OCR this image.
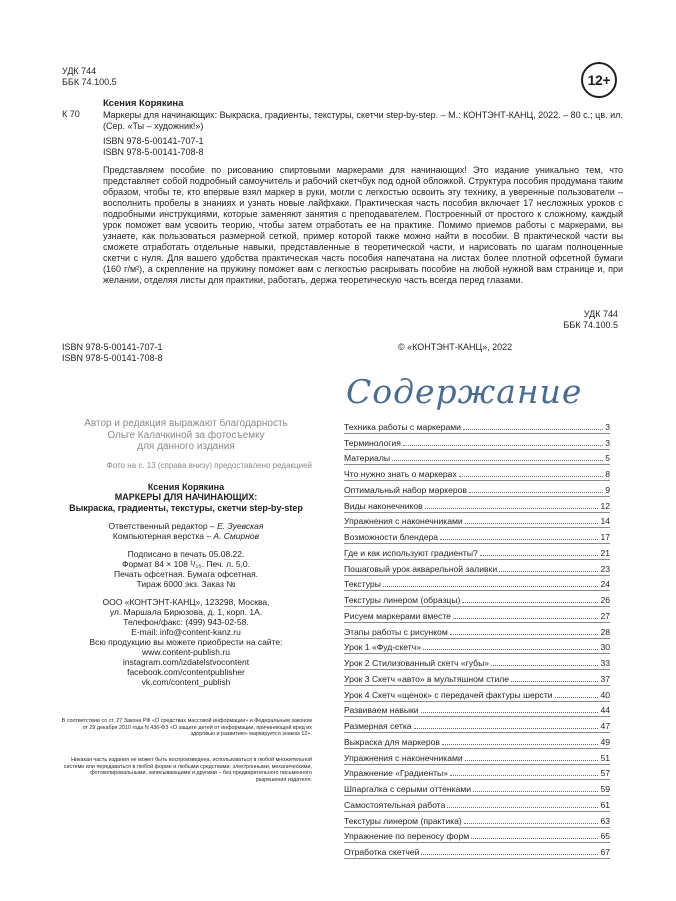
УДК 744
ББК 74.100.5	12+
К 70
Ксения Корякина
Маркеры для начинающих: Выкраска, градиенты, текстуры, скетчи step-by-step. – М.: КОНТЭНТ-КАНЦ, 2022. – 80 с.; цв. ил. (Сер. «Ты – художник!»)
ISBN 978-5-00141-707-1
ISBN 978-5-00141-708-8
Представляем пособие по рисованию спиртовыми маркерами для начинающих! Это издание уникально тем, что представляет собой подробный самоучитель и рабочий скетчбук под одной обложкой. Структура пособия продумана таким образом, чтобы те, кто впервые взял маркер в руки, могли с легкостью освоить эту технику, а уверенные пользователи – восполнить пробелы в знаниях и узнать новые лайфхаки. Практическая часть пособия включает 17 несложных уроков с подробными инструкциями, которые заменяют занятия с преподавателем. Построенный от простого к сложному, каждый урок поможет вам усвоить теорию, чтобы затем отработать ее на практике. Помимо приемов работы с маркерами, вы узнаете, как пользоваться размерной сеткой, пример которой также можно найти в пособии. В практической части вы сможете отработать отдельные навыки, представленные в теоретической части, и нарисовать по шагам полноценные скетчи с нуля. Для вашего удобства практическая часть пособия напечатана на листах более плотной офсетной бумаги (160 г/м²), а скрепление на пружину поможет вам с легкостью раскрывать пособие на любой нужной вам странице и, при желании, отделяя листы для практики, работать, держа теоретическую часть всегда перед глазами.
УДК 744
ББК 74.100.5
ISBN 978-5-00141-707-1
ISBN 978-5-00141-708-8
© «КОНТЭНТ-КАНЦ», 2022
Автор и редакция выражают благодарность
Ольге Калачкиной за фотосъемку
для данного издания
Фото на с. 13 (справа внизу) предоставлено редакцией
Ксения Корякина
МАРКЕРЫ ДЛЯ НАЧИНАЮЩИХ:
Выкраска, градиенты, текстуры, скетчи step-by-step
Ответственный редактор – Е. Зуевская
Компьютерная верстка – А. Смирнов
Подписано в печать 05.08.22.
Формат 84 × 108 ¹/₁₆. Печ. л. 5,0.
Печать офсетная. Бумага офсетная.
Тираж 6000 экз. Заказ №
ООО «КОНТЭНТ-КАНЦ», 123298, Москва,
ул. Маршала Бирюзова, д. 1, корп. 1А.
Телефон/факс: (499) 943-02-58.
E-mail: info@content-kanz.ru
Всю продукцию вы можете приобрести на сайте:
www.content-publish.ru
instagram.com/izdatelstvocontent
facebook.com/contentpublisher
vk.com/content_publish
В соответствии со ст. 27 Закона РФ «О средствах массовой информации» и Федеральным законом от 29 декабря 2010 года N 436-ФЗ «О защите детей от информации, причиняющей вред их здоровью и развитию» маркируется знаком 12+.
Никакая часть издания не может быть воспроизведена, использоваться в любой множительной системе или передаваться в любой форме и любыми средствами: электронными, механическими, фотокопировальными, записывающими и другими – без предварительного письменного разрешения издателя.
Содержание
Техника работы с маркерами	3
Терминология	3
Материалы	5
Что нужно знать о маркерах	8
Оптимальный набор маркеров	9
Виды наконечников	12
Упражнения с наконечниками	14
Возможности блендера	17
Где и как используют градиенты?	21
Пошаговый урок акварельной заливки	23
Текстуры	24
Текстуры линером (образцы)	26
Рисуем маркерами вместе	27
Этапы работы с рисунком	28
Урок 1 «Фуд-скетч»	30
Урок 2 Стилизованный скетч «губы»	33
Урок 3 Скетч «авто» в мультяшном стиле	37
Урок 4 Скетч «щенок» с передачей фактуры шерсти	40
Развиваем навыки	44
Размерная сетка	47
Выкраска для маркеров	49
Упражнения с наконечниками	51
Упражнение «Градиенты»	57
Шпаргалка с серыми оттенками	59
Самостоятельная работа	61
Текстуры линером (практика)	63
Упражнение по переносу форм	65
Отработка скетчей	67
